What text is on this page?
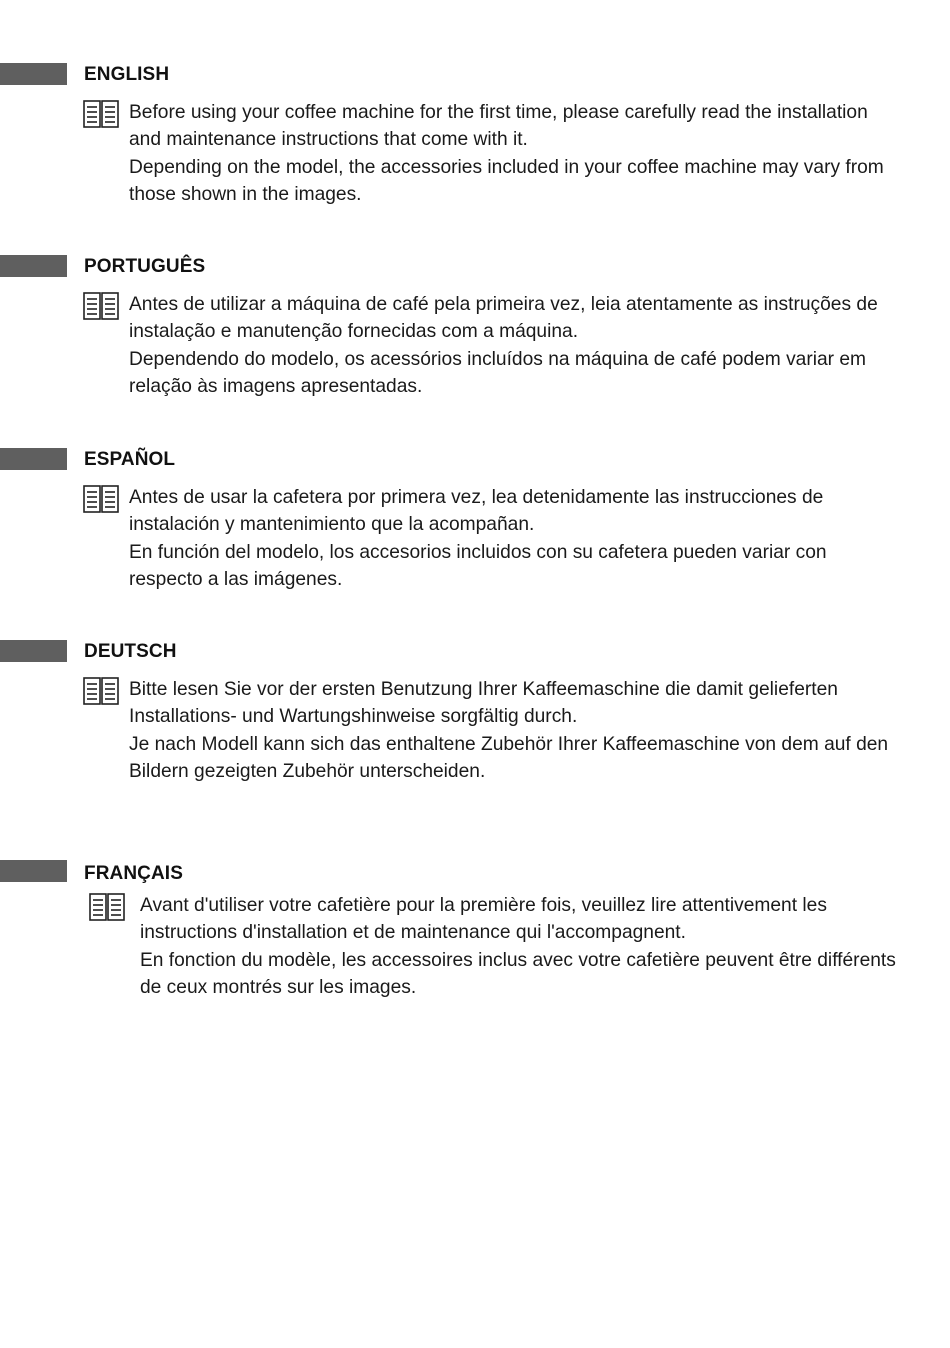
ENGLISH

Before using your coffee machine for the first time, please carefully read the installation and maintenance instructions that come with it.

Depending on the model, the accessories included in your coffee machine may vary from those shown in the images.

PORTUGUÊS

Antes de utilizar a máquina de café pela primeira vez, leia atentamente as instruções de instalação e manutenção fornecidas com a máquina.

Dependendo do modelo, os acessórios incluídos na máquina de café podem variar em relação às imagens apresentadas.

ESPAÑOL

Antes de usar la cafetera por primera vez, lea detenidamente las instrucciones de instalación y mantenimiento que la acompañan.

En función del modelo, los accesorios incluidos con su cafetera pueden variar con respecto a las imágenes.

DEUTSCH

Bitte lesen Sie vor der ersten Benutzung Ihrer Kaffeemaschine die damit gelieferten Installations- und Wartungshinweise sorgfältig durch.

Je nach Modell kann sich das enthaltene Zubehör Ihrer Kaffeemaschine von dem auf den Bildern gezeigten Zubehör unterscheiden.

FRANÇAIS

Avant d'utiliser votre cafetière pour la première fois, veuillez lire attentivement les instructions d'installation et de maintenance qui l'accompagnent.

En fonction du modèle, les accessoires inclus avec votre cafetière peuvent être différents de ceux montrés sur les images.
